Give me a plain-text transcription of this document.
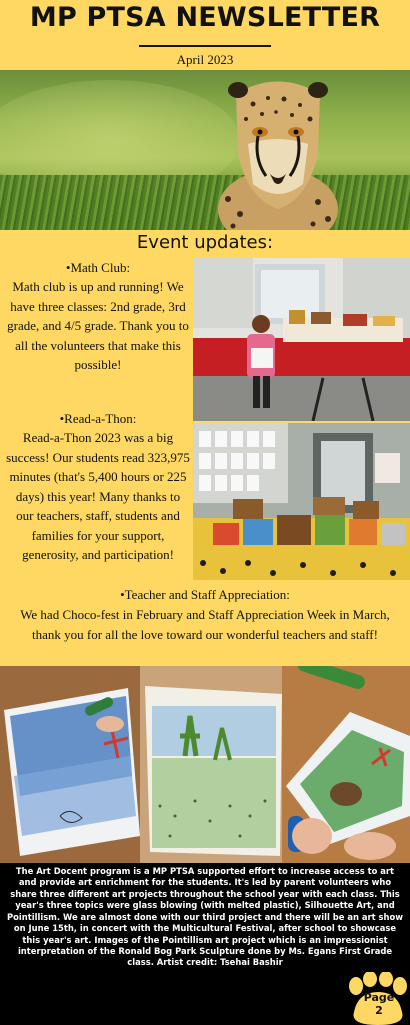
MP PTSA NEWSLETTER
April 2023
Event updates:
•Math Club:
Math club is up and running! We have three classes: 2nd grade, 3rd grade, and 4/5 grade. Thank you to all the volunteers that make this possible!
•Read-a-Thon:
Read-a-Thon 2023 was a big success! Our students read 323,975 minutes (that's 5,400 hours or 225 days) this year! Many thanks to our teachers, staff, students and families for your support, generosity, and participation!
•Teacher and Staff Appreciation:
We had Choco-fest in February and Staff Appreciation Week in March, thank you for all the love toward our wonderful teachers and staff!

The Art Docent program is a MP PTSA supported effort to increase access to art and provide art enrichment for the students. It's led by parent volunteers who share three different art projects throughout the school year with each class. This year's three topics were glass blowing (with melted plastic), Silhouette Art, and Pointillism. We are almost done with our third project and there will be an art show on June 15th, in concert with the Multicultural Festival, after school to showcase this year's art. Images of the Pointillism art project which is an impressionist interpretation of the Ronald Bog Park Sculpture done by Ms. Egans First Grade class. Artist credit: Tsehai Bashir

Page
2
